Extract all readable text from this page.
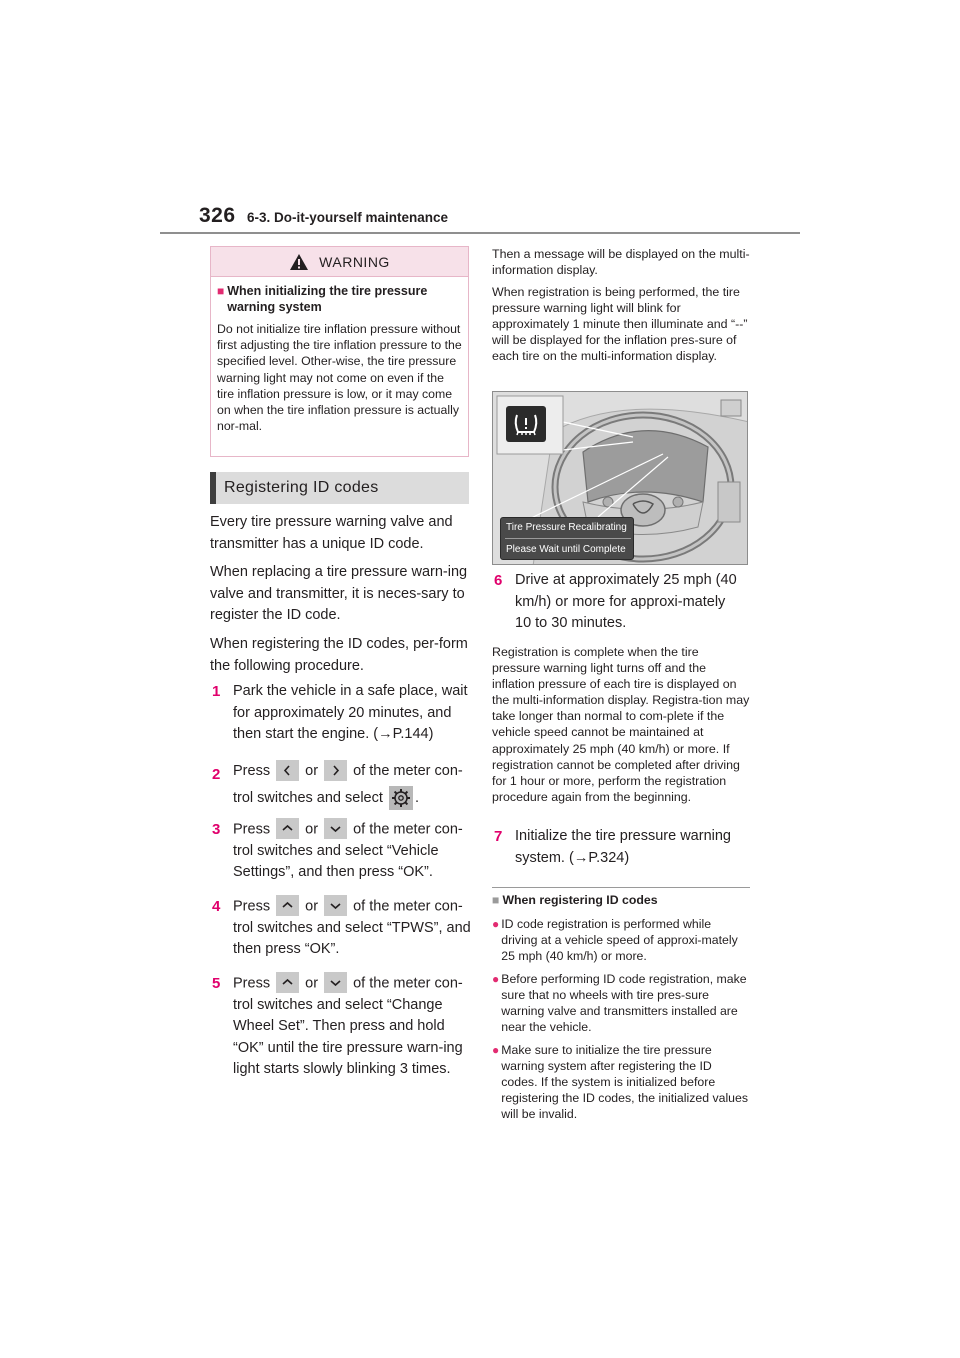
326 6-3. Do-it-yourself maintenance
WARNING
■ When initializing the tire pressure warning system
Do not initialize tire inflation pressure without first adjusting the tire inflation pressure to the specified level. Other-wise, the tire pressure warning light may not come on even if the tire inflation pressure is low, or it may come on when the tire inflation pressure is actually nor-mal.
Registering ID codes
Every tire pressure warning valve and transmitter has a unique ID code.
When replacing a tire pressure warn-ing valve and transmitter, it is neces-sary to register the ID code.
When registering the ID codes, per-form the following procedure.
1 Park the vehicle in a safe place, wait for approximately 20 minutes, and then start the engine. (→P.144)
2 Press or of the meter con-trol switches and select .
3 Press or of the meter con-trol switches and select “Vehicle Settings”, and then press “OK”.
4 Press or of the meter con-trol switches and select “TPWS”, and then press “OK”.
5 Press or of the meter con-trol switches and select “Change Wheel Set”. Then press and hold “OK” until the tire pressure warn-ing light starts slowly blinking 3 times.
Then a message will be displayed on the multi-information display.
When registration is being performed, the tire pressure warning light will blink for approximately 1 minute then illuminate and “--” will be displayed for the inflation pres-sure of each tire on the multi-information display.
Tire Pressure Recalibrating
Please Wait until Complete
6 Drive at approximately 25 mph (40 km/h) or more for approxi-mately 10 to 30 minutes.
Registration is complete when the tire pressure warning light turns off and the inflation pressure of each tire is displayed on the multi-information display. Registra-tion may take longer than normal to com-plete if the vehicle speed cannot be maintained at approximately 25 mph (40 km/h) or more. If registration cannot be completed after driving for 1 hour or more, perform the registration procedure again from the beginning.
7 Initialize the tire pressure warning system. (→P.324)
■ When registering ID codes
● ID code registration is performed while driving at a vehicle speed of approxi-mately 25 mph (40 km/h) or more.
● Before performing ID code registration, make sure that no wheels with tire pres-sure warning valve and transmitters installed are near the vehicle.
● Make sure to initialize the tire pressure warning system after registering the ID codes. If the system is initialized before registering the ID codes, the initialized values will be invalid.
